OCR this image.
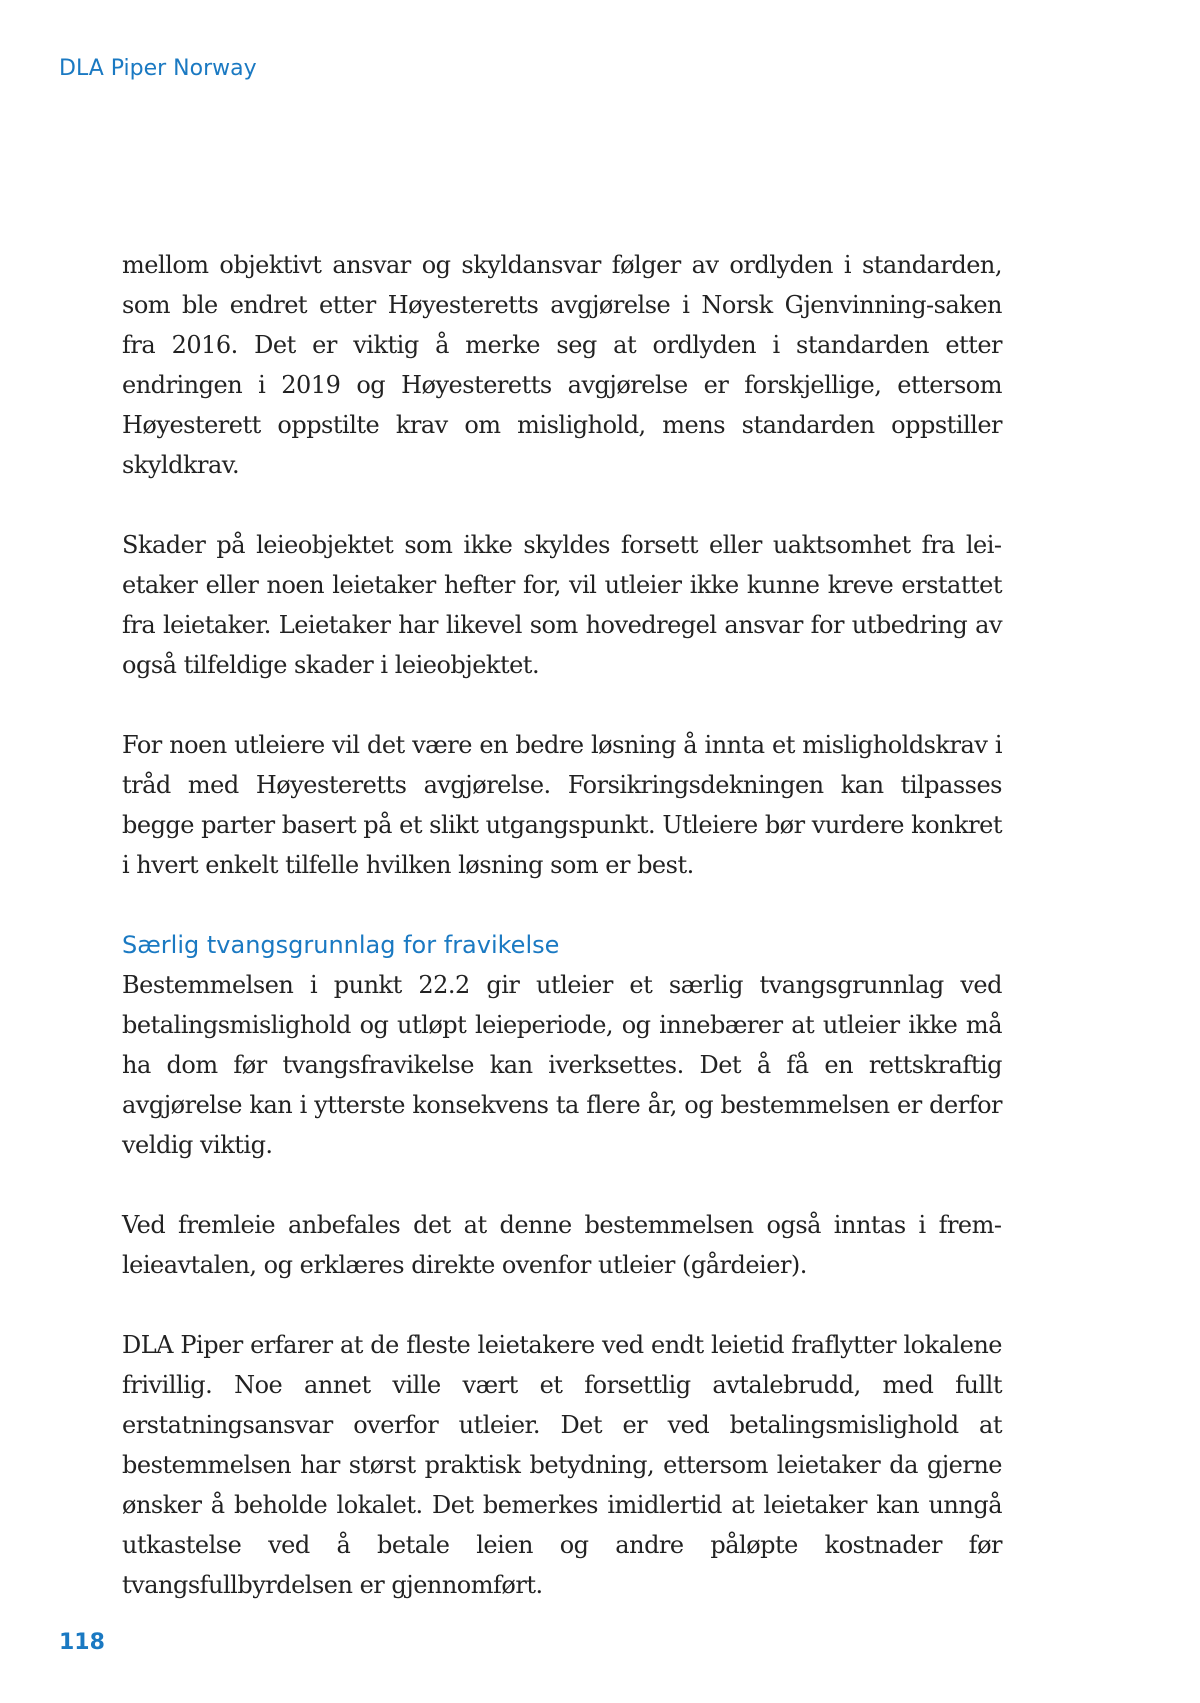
DLA Piper Norway

mellom objektivt ansvar og skyldansvar følger av ordlyden i standarden, som ble endret etter Høyesteretts avgjørelse i Norsk Gjenvinning-saken fra 2016. Det er viktig å merke seg at ordlyden i standarden etter endringen i 2019 og Høyesteretts avgjørelse er forskjellige, ettersom Høyesterett oppstilte krav om mislighold, mens standarden oppstiller skyldkrav.

Skader på leieobjektet som ikke skyldes forsett eller uaktsomhet fra leietaker eller noen leietaker hefter for, vil utleier ikke kunne kreve erstattet fra leietaker. Leietaker har likevel som hovedregel ansvar for utbedring av også tilfeldige skader i leieobjektet.

For noen utleiere vil det være en bedre løsning å innta et misligholdskrav i tråd med Høyesteretts avgjørelse. Forsikringsdekningen kan tilpasses begge parter basert på et slikt utgangspunkt. Utleiere bør vurdere konkret i hvert enkelt tilfelle hvilken løsning som er best.

Særlig tvangsgrunnlag for fravikelse

Bestemmelsen i punkt 22.2 gir utleier et særlig tvangsgrunnlag ved betalingsmislighold og utløpt leieperiode, og innebærer at utleier ikke må ha dom før tvangsfravikelse kan iverksettes. Det å få en rettskraftig avgjørelse kan i ytterste konsekvens ta flere år, og bestemmelsen er derfor veldig viktig.

Ved fremleie anbefales det at denne bestemmelsen også inntas i fremleieavtalen, og erklæres direkte ovenfor utleier (gårdeier).

DLA Piper erfarer at de fleste leietakere ved endt leietid fraflytter lokalene frivillig. Noe annet ville vært et forsettlig avtalebrudd, med fullt erstatningsansvar overfor utleier. Det er ved betalingsmislighold at bestemmelsen har størst praktisk betydning, ettersom leietaker da gjerne ønsker å beholde lokalet. Det bemerkes imidlertid at leietaker kan unngå utkastelse ved å betale leien og andre påløpte kostnader før tvangsfullbyrdelsen er gjennomført.

118
